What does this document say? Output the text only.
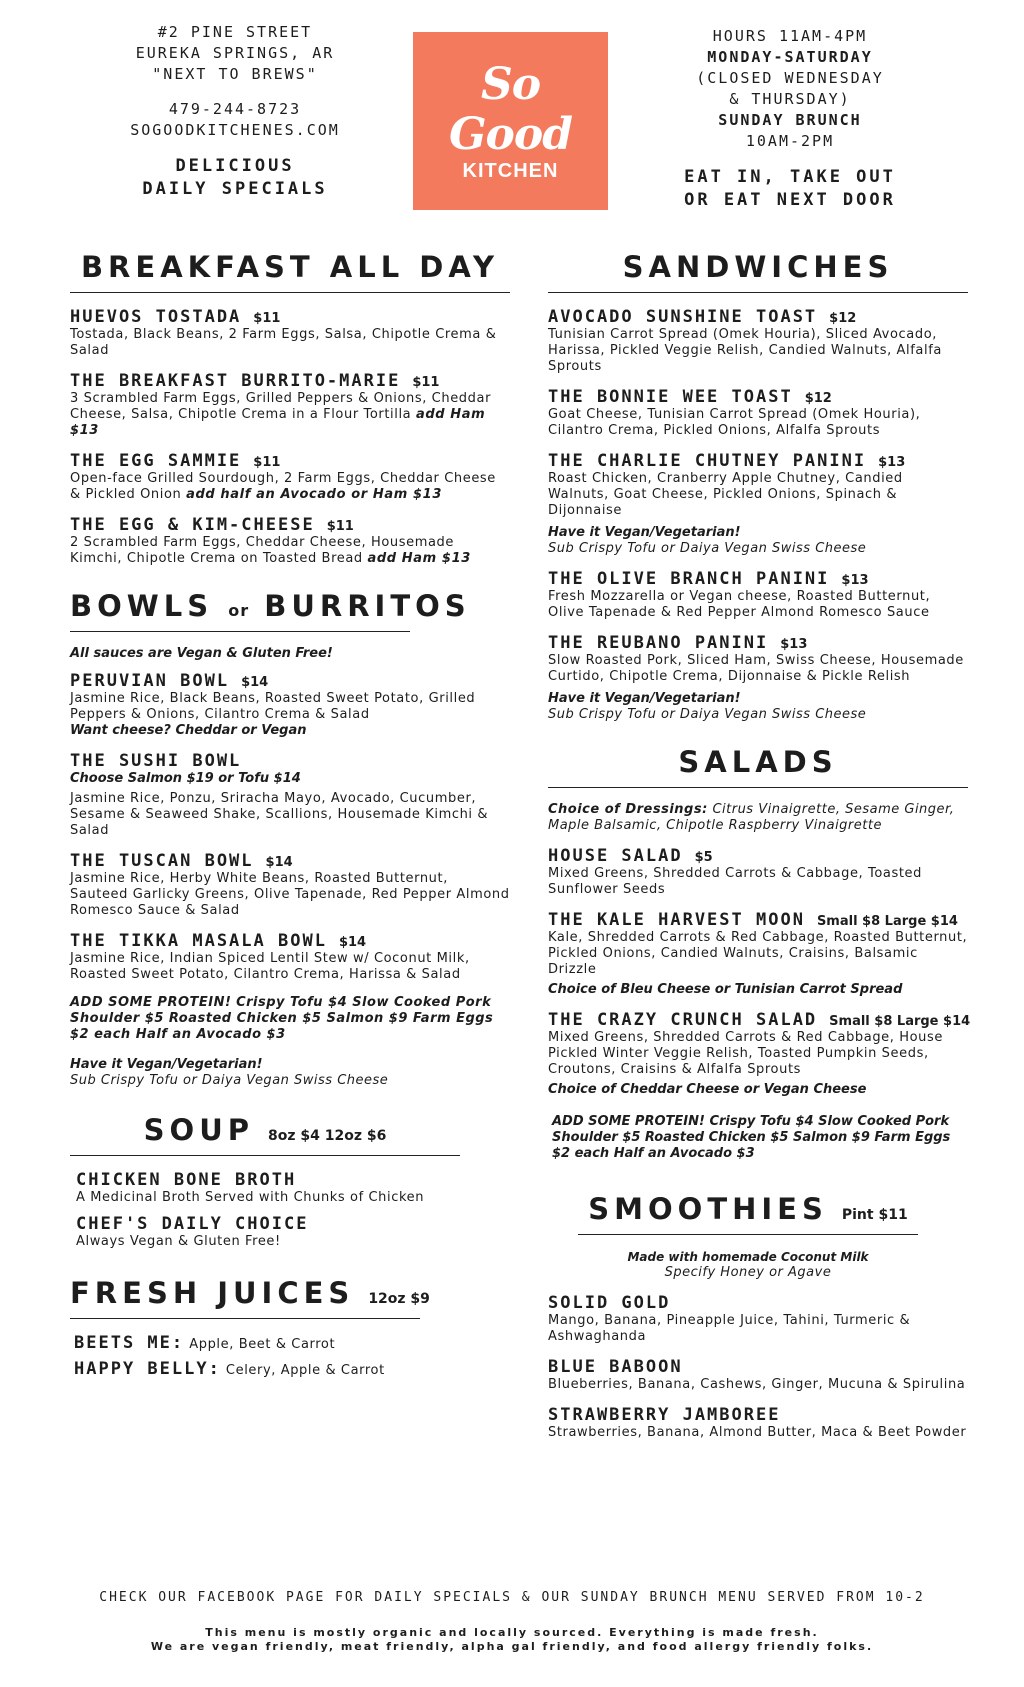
#2 PINE STREET
EUREKA SPRINGS, AR
"NEXT TO BREWS"
479-244-8723
SOGOODKITCHENES.COM
DELICIOUS
DAILY SPECIALS
So Good
KITCHEN
HEALTHY TASTY FOOD
HOURS 11AM-4PM
MONDAY-SATURDAY
(CLOSED WEDNESDAY
& THURSDAY)
SUNDAY BRUNCH
10AM-2PM
EAT IN, TAKE OUT
OR EAT NEXT DOOR
BREAKFAST ALL DAY
HUEVOS TOSTADA $11
Tostada, Black Beans, 2 Farm Eggs, Salsa, Chipotle Crema & Salad
THE BREAKFAST BURRITO-MARIE $11
3 Scrambled Farm Eggs, Grilled Peppers & Onions, Cheddar Cheese, Salsa, Chipotle Crema in a Flour Tortilla add Ham $13
THE EGG SAMMIE $11
Open-face Grilled Sourdough, 2 Farm Eggs, Cheddar Cheese & Pickled Onion add half an Avocado or Ham $13
THE EGG & KIM-CHEESE $11
2 Scrambled Farm Eggs, Cheddar Cheese, Housemade Kimchi, Chipotle Crema on Toasted Bread add Ham $13
BOWLS or BURRITOS
All sauces are Vegan & Gluten Free!
PERUVIAN BOWL $14
Jasmine Rice, Black Beans, Roasted Sweet Potato, Grilled Peppers & Onions, Cilantro Crema & Salad
Want cheese? Cheddar or Vegan
THE SUSHI BOWL
Choose Salmon $19 or Tofu $14
Jasmine Rice, Ponzu, Sriracha Mayo, Avocado, Cucumber, Sesame & Seaweed Shake, Scallions, Housemade Kimchi & Salad
THE TUSCAN BOWL $14
Jasmine Rice, Herby White Beans, Roasted Butternut, Sauteed Garlicky Greens, Olive Tapenade, Red Pepper Almond Romesco Sauce & Salad
THE TIKKA MASALA BOWL $14
Jasmine Rice, Indian Spiced Lentil Stew w/ Coconut Milk, Roasted Sweet Potato, Cilantro Crema, Harissa & Salad
ADD SOME PROTEIN! Crispy Tofu $4 Slow Cooked Pork Shoulder $5 Roasted Chicken $5 Salmon $9 Farm Eggs $2 each Half an Avocado $3
Have it Vegan/Vegetarian!
Sub Crispy Tofu or Daiya Vegan Swiss Cheese
SOUP 8oz $4 12oz $6
CHICKEN BONE BROTH
A Medicinal Broth Served with Chunks of Chicken
CHEF'S DAILY CHOICE
Always Vegan & Gluten Free!
FRESH JUICES 12oz $9
BEETS ME: Apple, Beet & Carrot
HAPPY BELLY: Celery, Apple & Carrot
SANDWICHES
AVOCADO SUNSHINE TOAST $12
Tunisian Carrot Spread (Omek Houria), Sliced Avocado, Harissa, Pickled Veggie Relish, Candied Walnuts, Alfalfa Sprouts
THE BONNIE WEE TOAST $12
Goat Cheese, Tunisian Carrot Spread (Omek Houria), Cilantro Crema, Pickled Onions, Alfalfa Sprouts
THE CHARLIE CHUTNEY PANINI $13
Roast Chicken, Cranberry Apple Chutney, Candied Walnuts, Goat Cheese, Pickled Onions, Spinach & Dijonnaise
Have it Vegan/Vegetarian!
Sub Crispy Tofu or Daiya Vegan Swiss Cheese
THE OLIVE BRANCH PANINI $13
Fresh Mozzarella or Vegan cheese, Roasted Butternut, Olive Tapenade & Red Pepper Almond Romesco Sauce
THE REUBANO PANINI $13
Slow Roasted Pork, Sliced Ham, Swiss Cheese, Housemade Curtido, Chipotle Crema, Dijonnaise & Pickle Relish
Have it Vegan/Vegetarian!
Sub Crispy Tofu or Daiya Vegan Swiss Cheese
SALADS
Choice of Dressings: Citrus Vinaigrette, Sesame Ginger, Maple Balsamic, Chipotle Raspberry Vinaigrette
HOUSE SALAD $5
Mixed Greens, Shredded Carrots & Cabbage, Toasted Sunflower Seeds
THE KALE HARVEST MOON Small $8 Large $14
Kale, Shredded Carrots & Red Cabbage, Roasted Butternut, Pickled Onions, Candied Walnuts, Craisins, Balsamic Drizzle
Choice of Bleu Cheese or Tunisian Carrot Spread
THE CRAZY CRUNCH SALAD Small $8 Large $14
Mixed Greens, Shredded Carrots & Red Cabbage, House Pickled Winter Veggie Relish, Toasted Pumpkin Seeds, Croutons, Craisins & Alfalfa Sprouts
Choice of Cheddar Cheese or Vegan Cheese
ADD SOME PROTEIN! Crispy Tofu $4 Slow Cooked Pork Shoulder $5 Roasted Chicken $5 Salmon $9 Farm Eggs $2 each Half an Avocado $3
SMOOTHIES Pint $11
Made with homemade Coconut Milk
Specify Honey or Agave
SOLID GOLD
Mango, Banana, Pineapple Juice, Tahini, Turmeric & Ashwaghanda
BLUE BABOON
Blueberries, Banana, Cashews, Ginger, Mucuna & Spirulina
STRAWBERRY JAMBOREE
Strawberries, Banana, Almond Butter, Maca & Beet Powder
CHECK OUR FACEBOOK PAGE FOR DAILY SPECIALS & OUR SUNDAY BRUNCH MENU SERVED FROM 10-2
This menu is mostly organic and locally sourced. Everything is made fresh.
We are vegan friendly, meat friendly, alpha gal friendly, and food allergy friendly folks.
